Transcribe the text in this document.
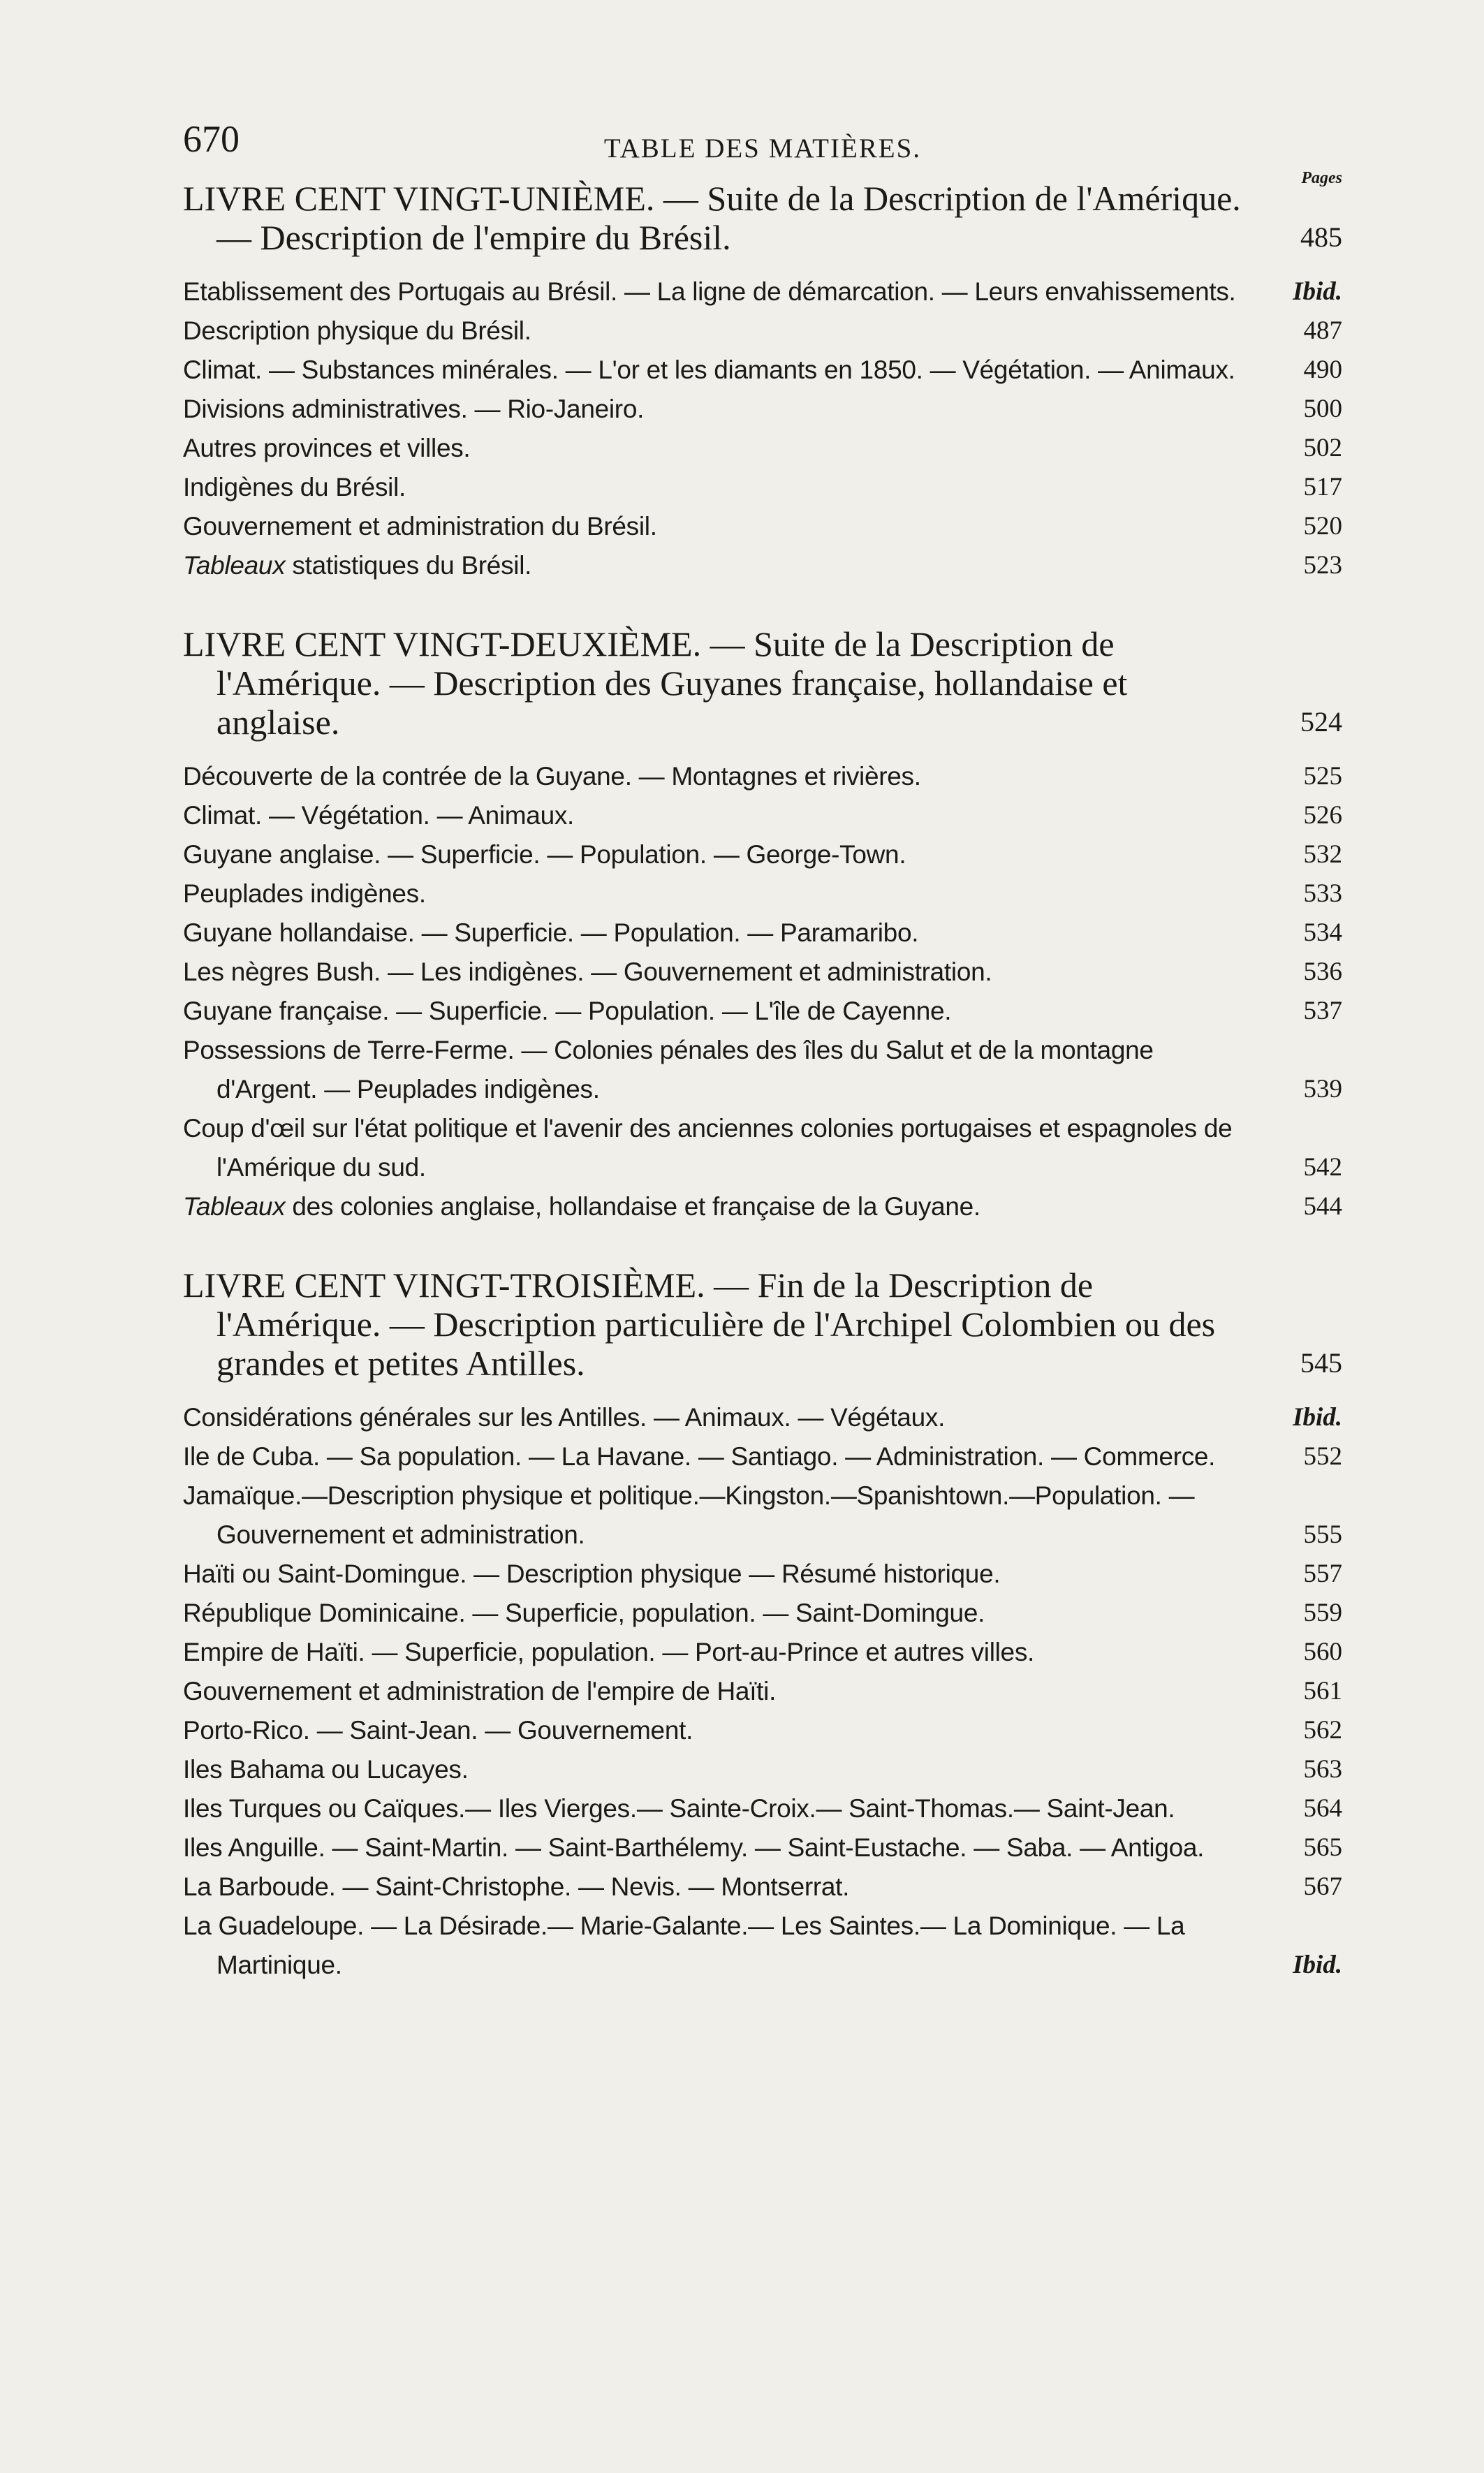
670	TABLE DES MATIÈRES.
Pages
LIVRE CENT VINGT-UNIÈME. — Suite de la Description de l'Amérique. — Description de l'empire du Brésil.	485
Etablissement des Portugais au Brésil. — La ligne de démarcation. — Leurs envahissements.	Ibid.
Description physique du Brésil.	487
Climat. — Substances minérales. — L'or et les diamants en 1850. — Végétation. — Animaux.	490
Divisions administratives. — Rio-Janeiro.	500
Autres provinces et villes.	502
Indigènes du Brésil.	517
Gouvernement et administration du Brésil.	520
Tableaux statistiques du Brésil.	523
LIVRE CENT VINGT-DEUXIÈME. — Suite de la Description de l'Amérique. — Description des Guyanes française, hollandaise et anglaise.	524
Découverte de la contrée de la Guyane. — Montagnes et rivières.	525
Climat. — Végétation. — Animaux.	526
Guyane anglaise. — Superficie. — Population. — George-Town.	532
Peuplades indigènes.	533
Guyane hollandaise. — Superficie. — Population. — Paramaribo.	534
Les nègres Bush. — Les indigènes. — Gouvernement et administration.	536
Guyane française. — Superficie. — Population. — L'île de Cayenne.	537
Possessions de Terre-Ferme. — Colonies pénales des îles du Salut et de la montagne d'Argent. — Peuplades indigènes.	539
Coup d'œil sur l'état politique et l'avenir des anciennes colonies portugaises et espagnoles de l'Amérique du sud.	542
Tableaux des colonies anglaise, hollandaise et française de la Guyane.	544
LIVRE CENT VINGT-TROISIÈME. — Fin de la Description de l'Amérique. — Description particulière de l'Archipel Colombien ou des grandes et petites Antilles.	545
Considérations générales sur les Antilles. — Animaux. — Végétaux.	Ibid.
Ile de Cuba. — Sa population. — La Havane. — Santiago. — Administration. — Commerce.	552
Jamaïque.—Description physique et politique.—Kingston.—Spanishtown.—Population. — Gouvernement et administration.	555
Haïti ou Saint-Domingue. — Description physique — Résumé historique.	557
République Dominicaine. — Superficie, population. — Saint-Domingue.	559
Empire de Haïti. — Superficie, population. — Port-au-Prince et autres villes.	560
Gouvernement et administration de l'empire de Haïti.	561
Porto-Rico. — Saint-Jean. — Gouvernement.	562
Iles Bahama ou Lucayes.	563
Iles Turques ou Caïques.— Iles Vierges.— Sainte-Croix.— Saint-Thomas.— Saint-Jean.	564
Iles Anguille. — Saint-Martin. — Saint-Barthélemy. — Saint-Eustache. — Saba. — Antigoa.	565
La Barboude. — Saint-Christophe. — Nevis. — Montserrat.	567
La Guadeloupe. — La Désirade.— Marie-Galante.— Les Saintes.— La Dominique. — La Martinique.	Ibid.
